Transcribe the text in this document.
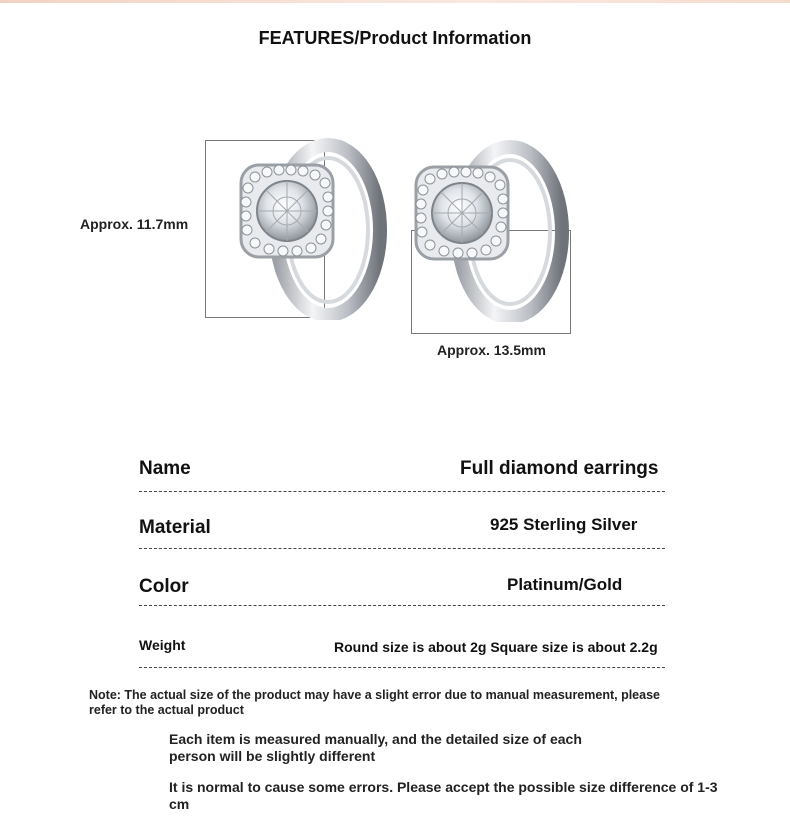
FEATURES/Product Information
Approx. 11.7mm
Approx. 13.5mm
Name	Full diamond earrings
Material	925 Sterling Silver
Color	Platinum/Gold
Weight	Round size is about 2g Square size is about 2.2g
Note: The actual size of the product may have a slight error due to manual measurement, please refer to the actual product
Each item is measured manually, and the detailed size of each person will be slightly different
It is normal to cause some errors. Please accept the possible size difference of 1-3 cm
